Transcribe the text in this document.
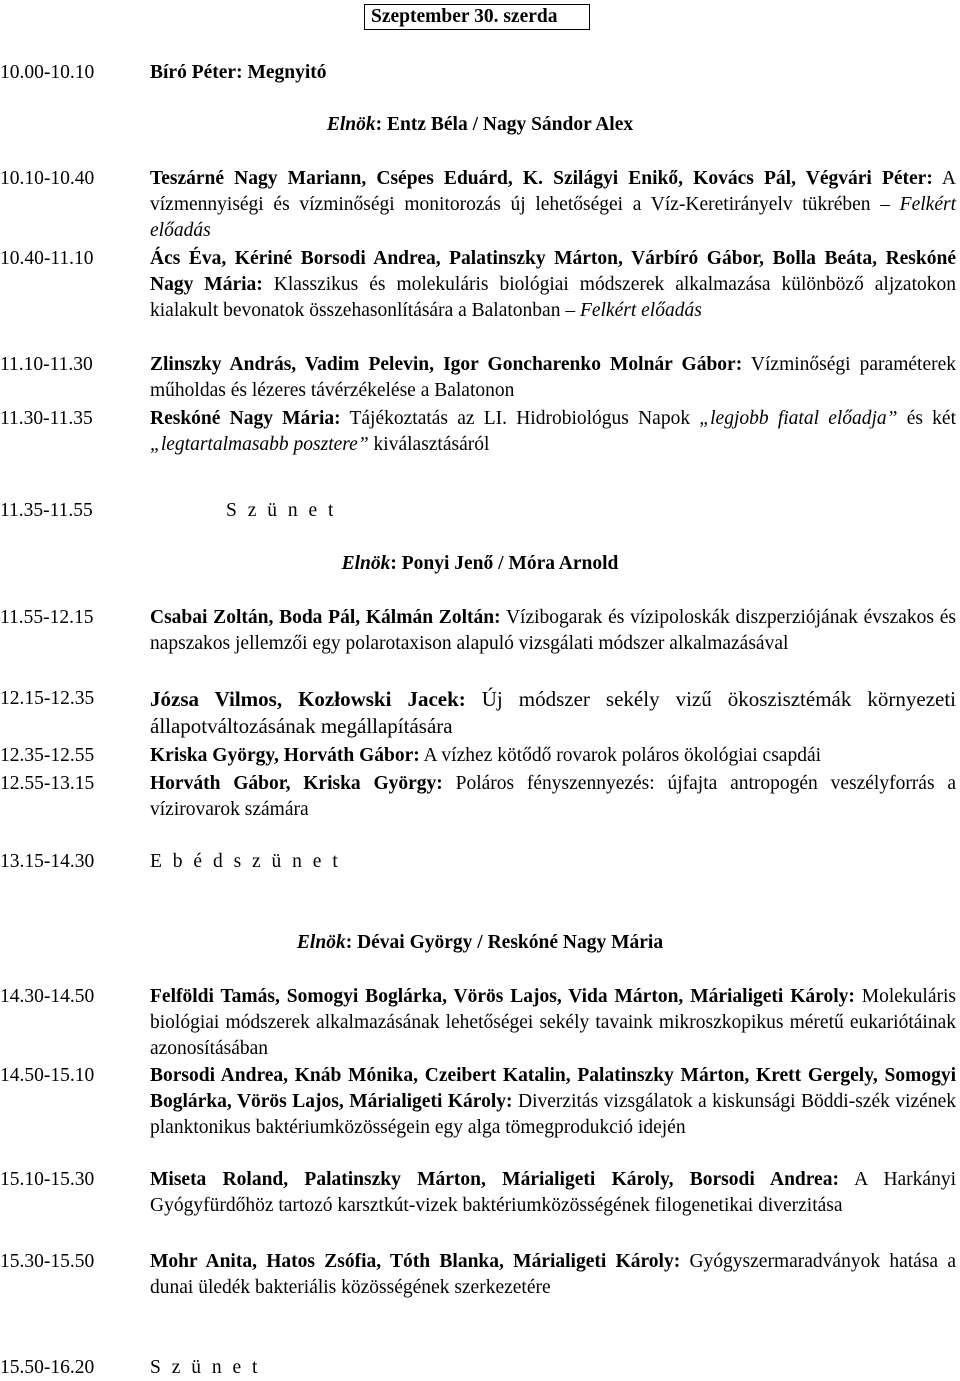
Szeptember 30. szerda
10.00-10.10	Bíró Péter: Megnyitó
Elnök: Entz Béla / Nagy Sándor Alex
10.10-10.40	Teszárné Nagy Mariann, Csépes Eduárd, K. Szilágyi Enikő, Kovács Pál, Végvári Péter: A vízmennyiségi és vízminőségi monitorozás új lehetőségei a Víz-Keretirányelv tükrében – Felkért előadás
10.40-11.10	Ács Éva, Kériné Borsodi Andrea, Palatinszky Márton, Várbíró Gábor, Bolla Beáta, Reskóné Nagy Mária: Klasszikus és molekuláris biológiai módszerek alkalmazása különböző aljzatokon kialakult bevonatok összehasonlítására a Balatonban – Felkért előadás
11.10-11.30	Zlinszky András, Vadim Pelevin, Igor Goncharenko Molnár Gábor: Vízminőségi paraméterek műholdas és lézeres távérzékelése a Balatonon
11.30-11.35	Reskóné Nagy Mária: Tájékoztatás az LI. Hidrobiológus Napok „legjobb fiatal előadja” és két „legtartalmasabb posztere” kiválasztásáról
11.35-11.55	S z ü n e t
Elnök: Ponyi Jenő / Móra Arnold
11.55-12.15	Csabai Zoltán, Boda Pál, Kálmán Zoltán: Vízibogarak és vízipoloskák diszperziójának évszakos és napszakos jellemzői egy polarotaxison alapuló vizsgálati módszer alkalmazásával
12.15-12.35	Józsa Vilmos, Kozłowski Jacek: Új módszer sekély vizű ökoszisztémák környezeti állapotváltozásának megállapítására
12.35-12.55	Kriska György, Horváth Gábor: A vízhez kötődő rovarok poláros ökológiai csapdái
12.55-13.15	Horváth Gábor, Kriska György: Poláros fényszennyezés: újfajta antropogén veszélyforrás a vízirovarok számára
13.15-14.30	E b é d s z ü n e t
Elnök: Dévai György / Reskóné Nagy Mária
14.30-14.50	Felföldi Tamás, Somogyi Boglárka, Vörös Lajos, Vida Márton, Márialigeti Károly: Molekuláris biológiai módszerek alkalmazásának lehetőségei sekély tavaink mikroszkopikus méretű eukariótáinak azonosításában
14.50-15.10	Borsodi Andrea, Knáb Mónika, Czeibert Katalin, Palatinszky Márton, Krett Gergely, Somogyi Boglárka, Vörös Lajos, Márialigeti Károly: Diverzitás vizsgálatok a kiskunsági Böddi-szék vizének planktonikus baktériumközösségein egy alga tömegprodukció idején
15.10-15.30	Miseta Roland, Palatinszky Márton, Márialigeti Károly, Borsodi Andrea: A Harkányi Gyógyfürdőhöz tartozó karsztkút-vizek baktériumközösségének filogenetikai diverzitása
15.30-15.50	Mohr Anita, Hatos Zsófia, Tóth Blanka, Márialigeti Károly: Gyógyszermaradványok hatása a dunai üledék bakteriális közösségének szerkezetére
15.50-16.20	S z ü n e t
